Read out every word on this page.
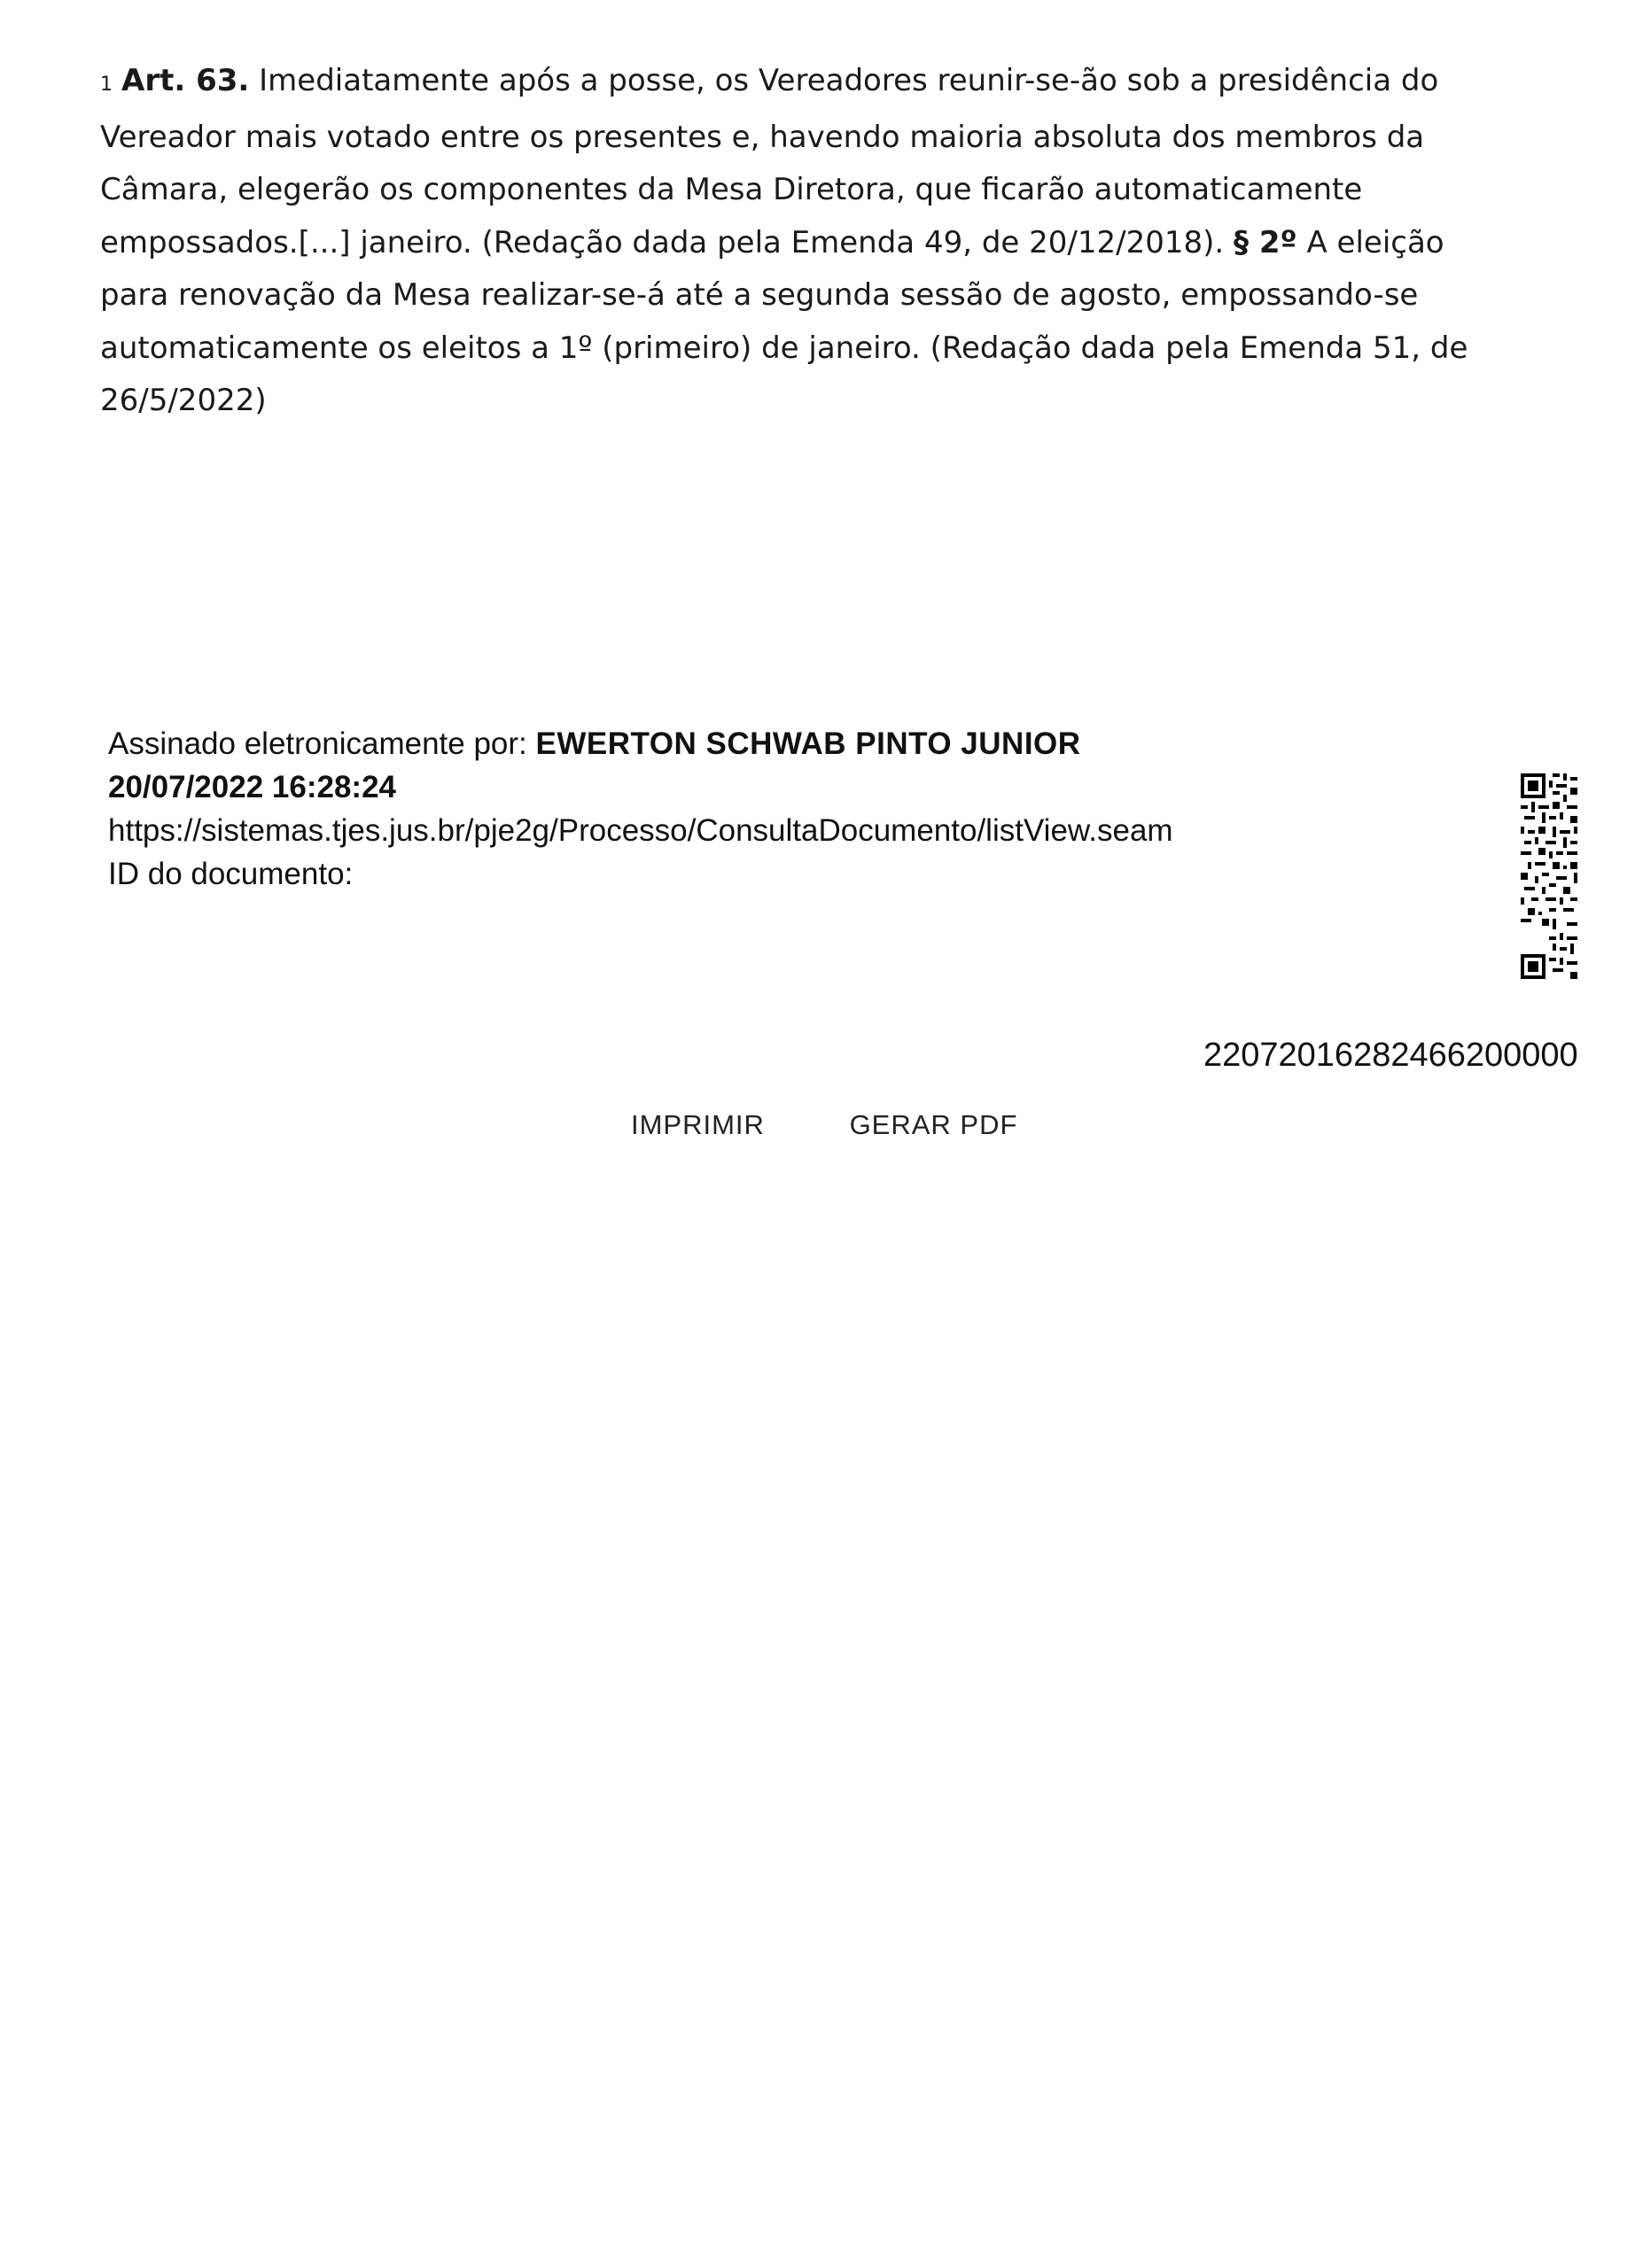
1 Art. 63. Imediatamente após a posse, os Vereadores reunir-se-ão sob a presidência do Vereador mais votado entre os presentes e, havendo maioria absoluta dos membros da Câmara, elegerão os componentes da Mesa Diretora, que ficarão automaticamente empossados.[...] janeiro. (Redação dada pela Emenda 49, de 20/12/2018). § 2º A eleição para renovação da Mesa realizar-se-á até a segunda sessão de agosto, empossando-se automaticamente os eleitos a 1º (primeiro) de janeiro. (Redação dada pela Emenda 51, de 26/5/2022)

Assinado eletronicamente por: EWERTON SCHWAB PINTO JUNIOR
20/07/2022 16:28:24
https://sistemas.tjes.jus.br/pje2g/Processo/ConsultaDocumento/listView.seam
ID do documento:
22072016282466200000
IMPRIMIR	GERAR PDF
